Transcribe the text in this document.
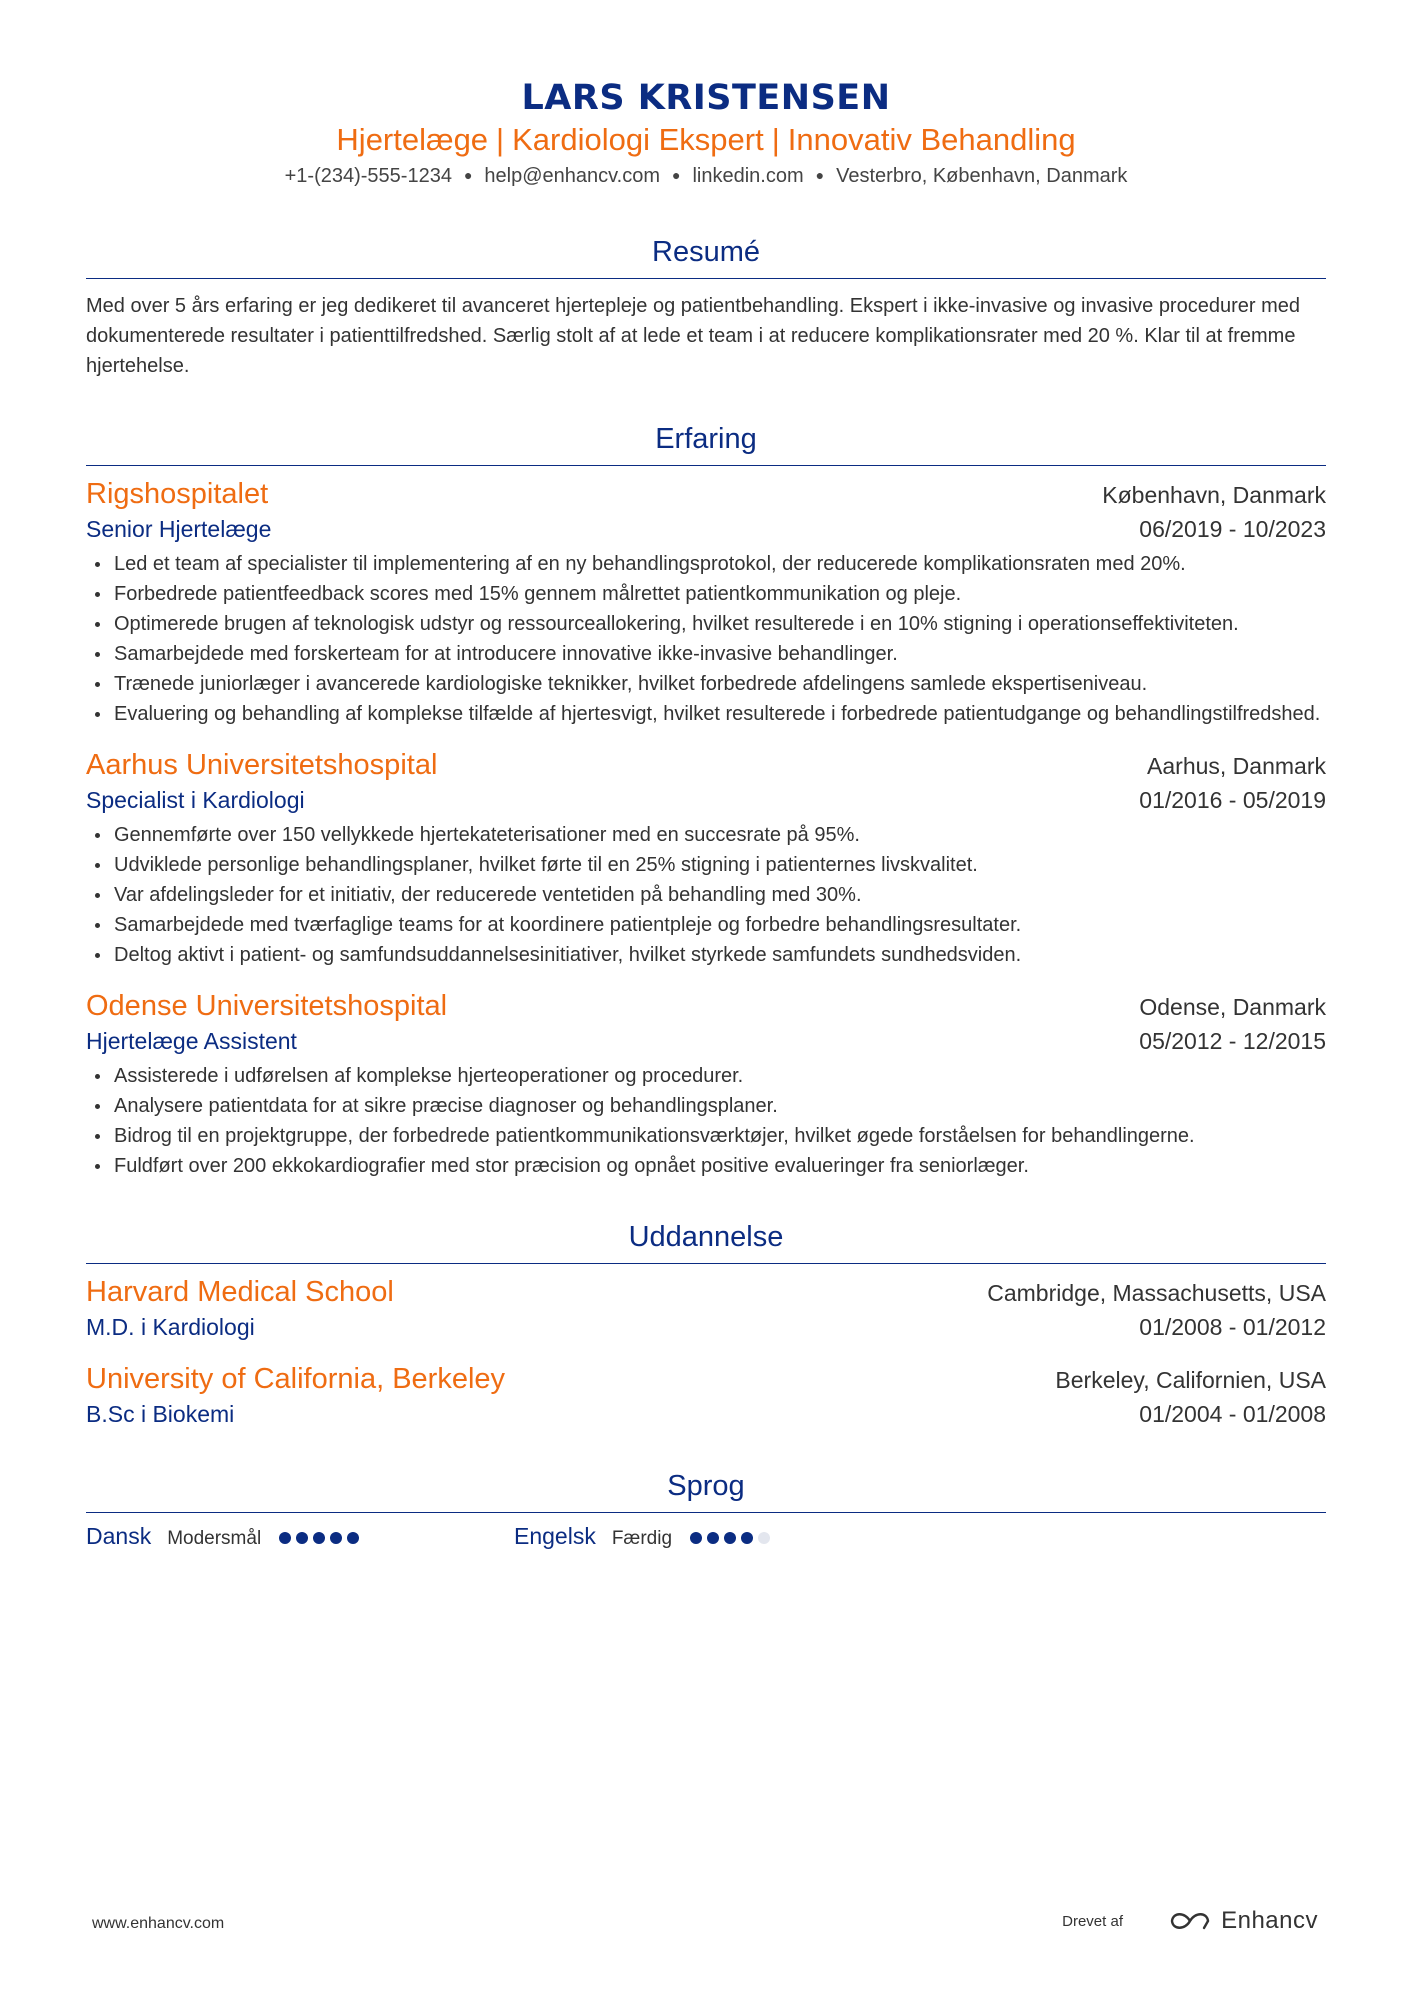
LARS KRISTENSEN
Hjertelæge | Kardiologi Ekspert | Innovativ Behandling
+1-(234)-555-1234 ● help@enhancv.com ● linkedin.com ● Vesterbro, København, Danmark
Resumé
Med over 5 års erfaring er jeg dedikeret til avanceret hjertepleje og patientbehandling. Ekspert i ikke-invasive og invasive procedurer med dokumenterede resultater i patienttilfredshed. Særlig stolt af at lede et team i at reducere komplikationsrater med 20 %. Klar til at fremme hjertehelse.
Erfaring
Rigshospitalet	København, Danmark
Senior Hjertelæge	06/2019 - 10/2023
Led et team af specialister til implementering af en ny behandlingsprotokol, der reducerede komplikationsraten med 20%.
Forbedrede patientfeedback scores med 15% gennem målrettet patientkommunikation og pleje.
Optimerede brugen af teknologisk udstyr og ressourceallokering, hvilket resulterede i en 10% stigning i operationseffektiviteten.
Samarbejdede med forskerteam for at introducere innovative ikke-invasive behandlinger.
Trænede juniorlæger i avancerede kardiologiske teknikker, hvilket forbedrede afdelingens samlede ekspertiseniveau.
Evaluering og behandling af komplekse tilfælde af hjertesvigt, hvilket resulterede i forbedrede patientudgange og behandlingstilfredshed.
Aarhus Universitetshospital	Aarhus, Danmark
Specialist i Kardiologi	01/2016 - 05/2019
Gennemførte over 150 vellykkede hjertekateterisationer med en succesrate på 95%.
Udviklede personlige behandlingsplaner, hvilket førte til en 25% stigning i patienternes livskvalitet.
Var afdelingsleder for et initiativ, der reducerede ventetiden på behandling med 30%.
Samarbejdede med tværfaglige teams for at koordinere patientpleje og forbedre behandlingsresultater.
Deltog aktivt i patient- og samfundsuddannelsesinitiativer, hvilket styrkede samfundets sundhedsviden.
Odense Universitetshospital	Odense, Danmark
Hjertelæge Assistent	05/2012 - 12/2015
Assisterede i udførelsen af komplekse hjerteoperationer og procedurer.
Analysere patientdata for at sikre præcise diagnoser og behandlingsplaner.
Bidrog til en projektgruppe, der forbedrede patientkommunikationsværktøjer, hvilket øgede forståelsen for behandlingerne.
Fuldført over 200 ekkokardiografier med stor præcision og opnået positive evalueringer fra seniorlæger.
Uddannelse
Harvard Medical School	Cambridge, Massachusetts, USA
M.D. i Kardiologi	01/2008 - 01/2012
University of California, Berkeley	Berkeley, Californien, USA
B.Sc i Biokemi	01/2004 - 01/2008
Sprog
Dansk Modersmål	Engelsk Færdig
www.enhancv.com	Drevet af	Enhancv
